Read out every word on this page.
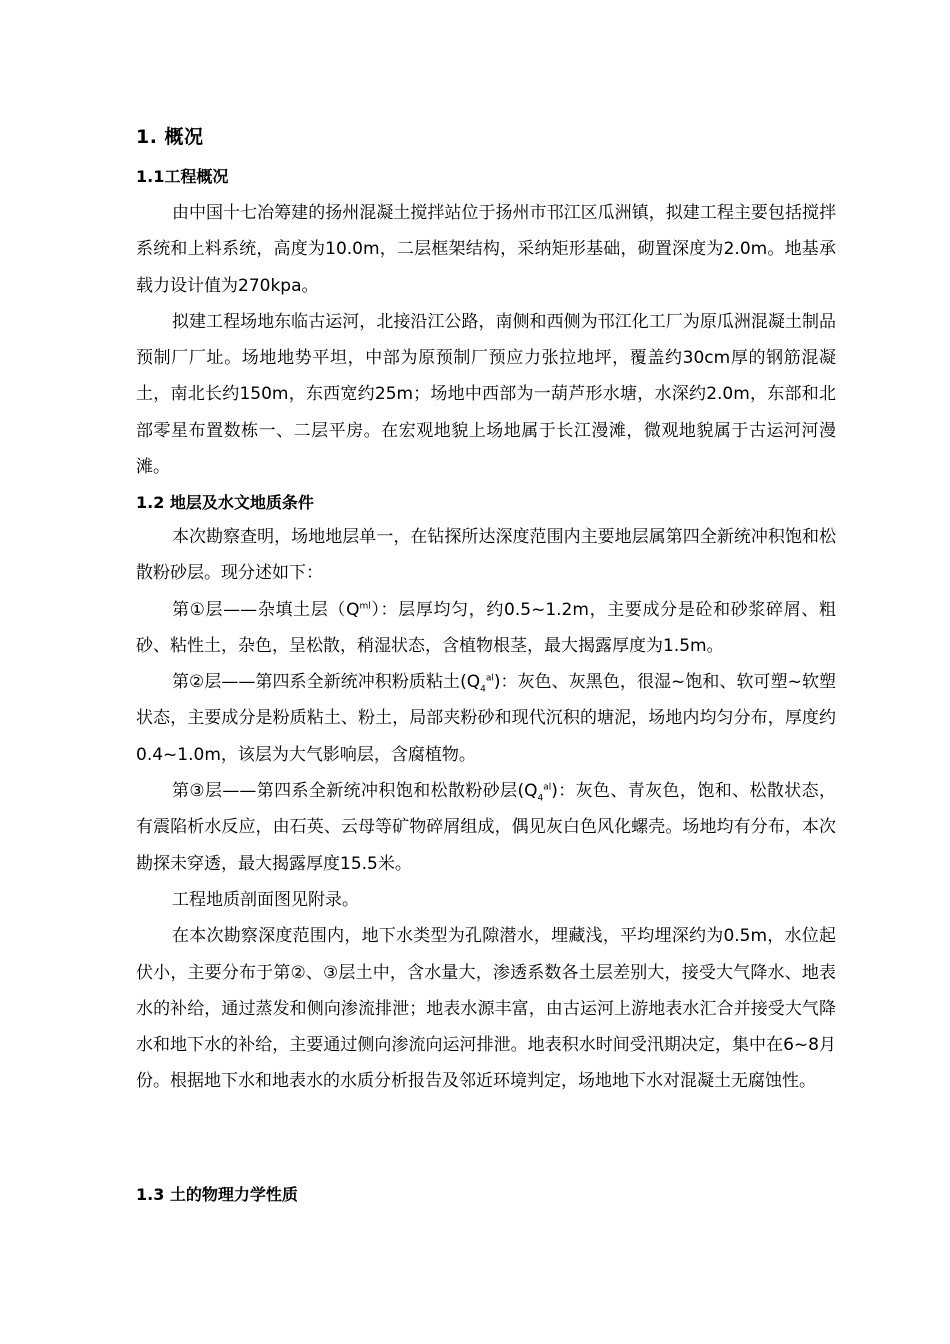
1. 概况
1.1工程概况

由中国十七冶筹建的扬州混凝土搅拌站位于扬州市邗江区瓜洲镇，拟建工程主要包括搅拌系统和上料系统，高度为10.0m，二层框架结构，采纳矩形基础，砌置深度为2.0m。地基承载力设计值为270kpa。

拟建工程场地东临古运河，北接沿江公路，南侧和西侧为邗江化工厂为原瓜洲混凝土制品预制厂厂址。场地地势平坦，中部为原预制厂预应力张拉地坪，覆盖约30cm厚的钢筋混凝土，南北长约150m，东西宽约25m；场地中西部为一葫芦形水塘，水深约2.0m，东部和北部零星布置数栋一、二层平房。在宏观地貌上场地属于长江漫滩，微观地貌属于古运河河漫滩。

1.2 地层及水文地质条件

本次勘察查明，场地地层单一，在钻探所达深度范围内主要地层属第四全新统冲积饱和松散粉砂层。现分述如下：

第①层——杂填土层$(Q^{ml})$：层厚均匀，约0.5~1.2m，主要成分是砼和砂浆碎屑、粗砂、粘性土，杂色，呈松散，稍湿状态，含植物根茎，最大揭露厚度为1.5m。

第②层——第四系全新统冲积粉质粘土$(Q_4^{al})$：灰色、灰黑色，很湿~饱和、软可塑~软塑状态，主要成分是粉质粘土、粉土，局部夹粉砂和现代沉积的塘泥，场地内均匀分布，厚度约0.4~1.0m，该层为大气影响层，含腐植物。

第③层——第四系全新统冲积饱和松散粉砂层$(Q_4^{al})$：灰色、青灰色，饱和、松散状态，有震陷析水反应，由石英、云母等矿物碎屑组成，偶见灰白色风化螺壳。场地均有分布，本次勘探未穿透，最大揭露厚度15.5米。

工程地质剖面图见附录。

在本次勘察深度范围内，地下水类型为孔隙潜水，埋藏浅，平均埋深约为0.5m，水位起伏小，主要分布于第②、③层土中，含水量大，渗透系数各土层差别大，接受大气降水、地表水的补给，通过蒸发和侧向渗流排泄；地表水源丰富，由古运河上游地表水汇合并接受大气降水和地下水的补给，主要通过侧向渗流向运河排泄。地表积水时间受汛期决定，集中在6~8月份。根据地下水和地表水的水质分析报告及邻近环境判定，场地地下水对混凝土无腐蚀性。

1.3 土的物理力学性质
